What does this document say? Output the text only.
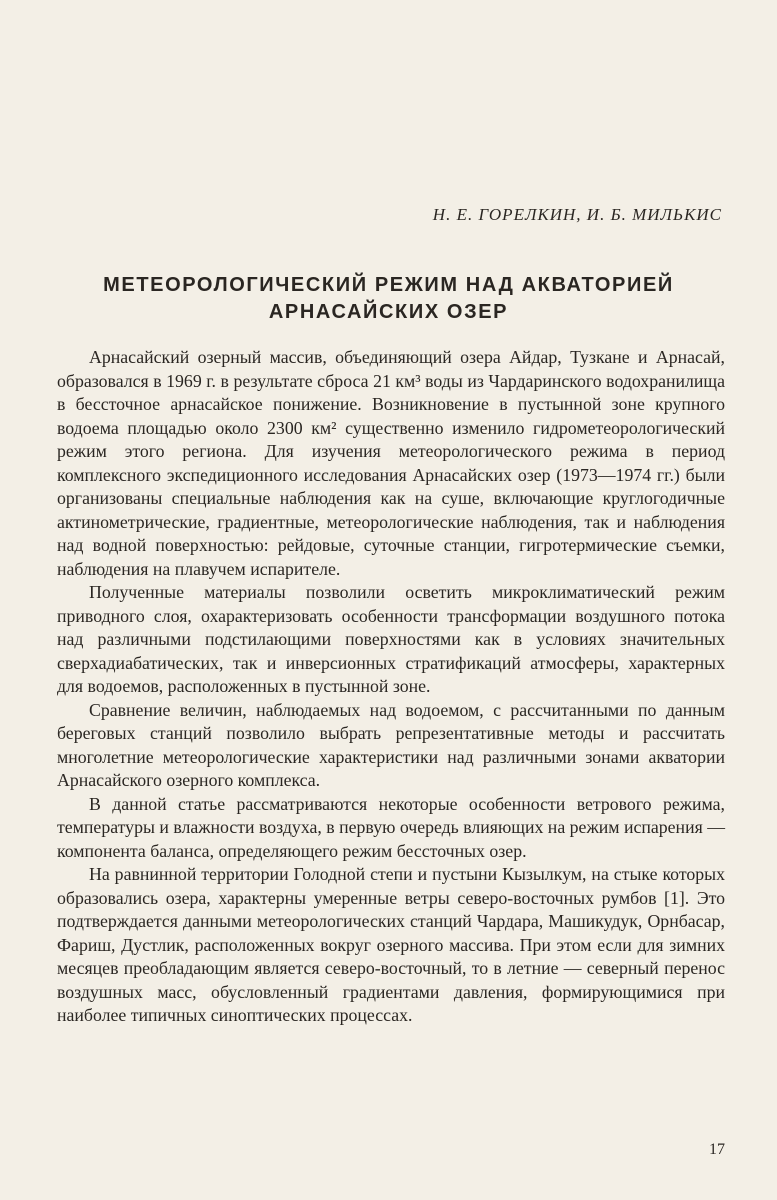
Н. Е. ГОРЕЛКИН, И. Б. МИЛЬКИС
МЕТЕОРОЛОГИЧЕСКИЙ РЕЖИМ НАД АКВАТОРИЕЙ
АРНАСАЙСКИХ ОЗЕР

Арнасайский озерный массив, объединяющий озера Айдар, Тузкане и Арнасай, образовался в 1969 г. в результате сброса 21 км³ воды из Чардаринского водохранилища в бессточное арнасайское понижение. Возникновение в пустынной зоне крупного водоема площадью около 2300 км² существенно изменило гидрометеорологический режим этого региона. Для изучения метеорологического режима в период комплексного экспедиционного исследования Арнасайских озер (1973—1974 гг.) были организованы специальные наблюдения как на суше, включающие круглогодичные актинометрические, градиентные, метеорологические наблюдения, так и наблюдения над водной поверхностью: рейдовые, суточные станции, гигротермические съемки, наблюдения на плавучем испарителе.

Полученные материалы позволили осветить микроклиматический режим приводного слоя, охарактеризовать особенности трансформации воздушного потока над различными подстилающими поверхностями как в условиях значительных сверхадиабатических, так и инверсионных стратификаций атмосферы, характерных для водоемов, расположенных в пустынной зоне.

Сравнение величин, наблюдаемых над водоемом, с рассчитанными по данным береговых станций позволило выбрать репрезентативные методы и рассчитать многолетние метеорологические характеристики над различными зонами акватории Арнасайского озерного комплекса.

В данной статье рассматриваются некоторые особенности ветрового режима, температуры и влажности воздуха, в первую очередь влияющих на режим испарения — компонента баланса, определяющего режим бессточных озер.

На равнинной территории Голодной степи и пустыни Кызылкум, на стыке которых образовались озера, характерны умеренные ветры северо-восточных румбов [1]. Это подтверждается данными метеорологических станций Чардара, Машикудук, Орнбасар, Фариш, Дустлик, расположенных вокруг озерного массива. При этом если для зимних месяцев преобладающим является северо-восточный, то в летние — северный перенос воздушных масс, обусловленный градиентами давления, формирующимися при наиболее типичных синоптических процессах.

17
